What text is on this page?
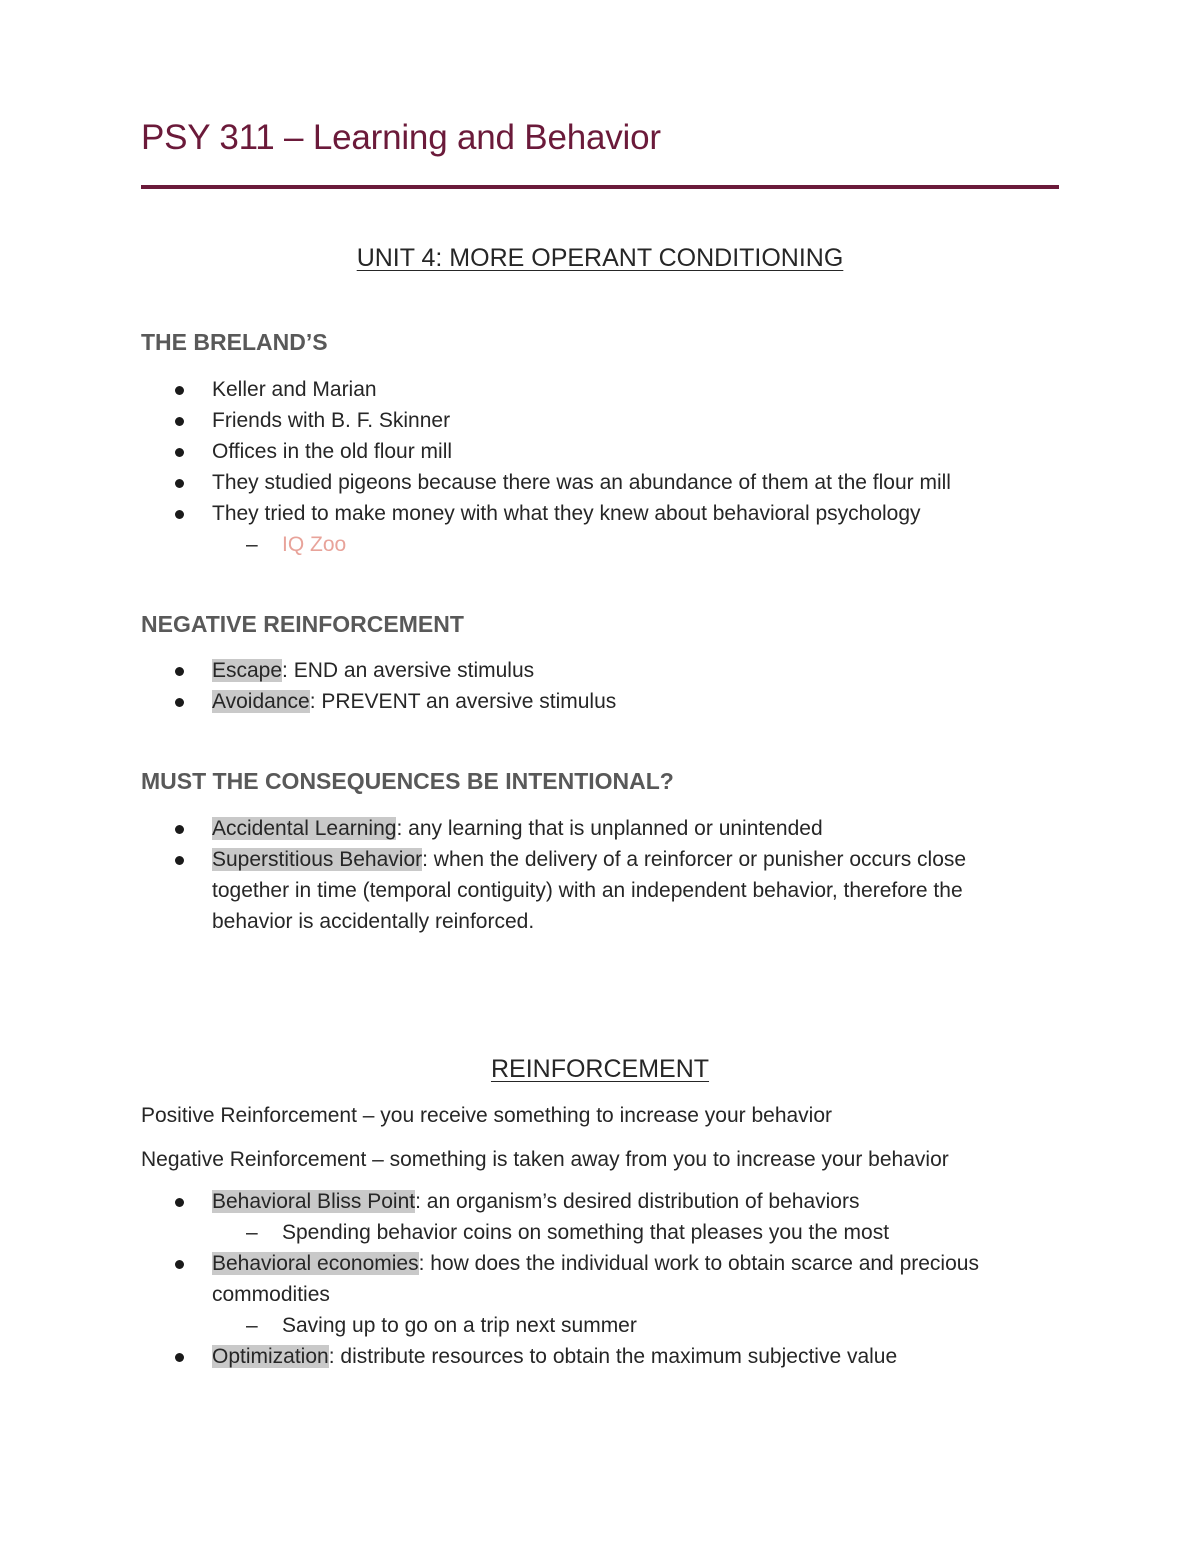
PSY 311 – Learning and Behavior
UNIT 4: MORE OPERANT CONDITIONING
THE BRELAND’S
Keller and Marian
Friends with B. F. Skinner
Offices in the old flour mill
They studied pigeons because there was an abundance of them at the flour mill
They tried to make money with what they knew about behavioral psychology
– IQ Zoo
NEGATIVE REINFORCEMENT
Escape: END an aversive stimulus
Avoidance: PREVENT an aversive stimulus
MUST THE CONSEQUENCES BE INTENTIONAL?
Accidental Learning: any learning that is unplanned or unintended
Superstitious Behavior: when the delivery of a reinforcer or punisher occurs close
together in time (temporal contiguity) with an independent behavior, therefore the
behavior is accidentally reinforced.
REINFORCEMENT
Positive Reinforcement – you receive something to increase your behavior
Negative Reinforcement – something is taken away from you to increase your behavior
Behavioral Bliss Point: an organism’s desired distribution of behaviors
– Spending behavior coins on something that pleases you the most
Behavioral economies: how does the individual work to obtain scarce and precious
commodities
– Saving up to go on a trip next summer
Optimization: distribute resources to obtain the maximum subjective value
